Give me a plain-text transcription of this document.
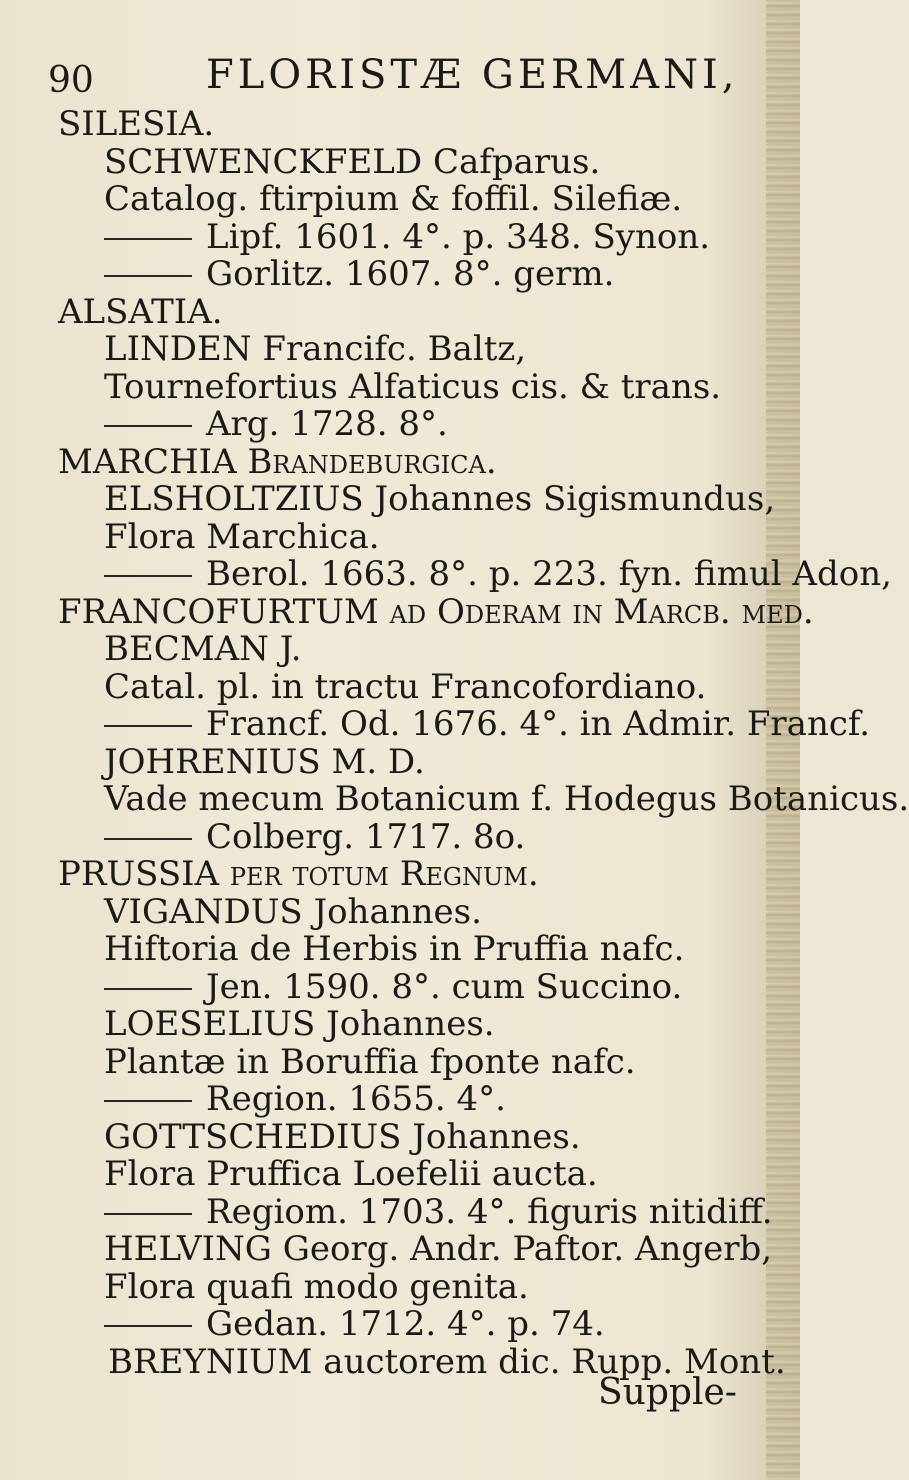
90	FLORISTÆ GERMANI,
SILESIA.
SCHWENCKFELD Cafparus.
Catalog. ftirpium & foffil. Silefiæ.
Lipf. 1601. 4°. p. 348. Synon.
Gorlitz. 1607. 8°. germ.
ALSATIA.
LINDEN Francifc. Baltz,
Tournefortius Alfaticus cis. & trans.
Arg. 1728. 8°.
MARCHIA Brandeburgica.
ELSHOLTZIUS Johannes Sigismundus,
Flora Marchica.
Berol. 1663. 8°. p. 223. fyn. fimul Adon,
FRANCOFURTUM ad Oderam in Marcb. med.
BECMAN J.
Catal. pl. in tractu Francofordiano.
Francf. Od. 1676. 4°. in Admir. Francf.
JOHRENIUS M. D.
Vade mecum Botanicum f. Hodegus Botanicus.
Colberg. 1717. 8o.
PRUSSIA per totum Regnum.
VIGANDUS Johannes.
Hiftoria de Herbis in Pruffia nafc.
Jen. 1590. 8°. cum Succino.
LOESELIUS Johannes.
Plantæ in Boruffia fponte nafc.
Region. 1655. 4°.
GOTTSCHEDIUS Johannes.
Flora Pruffica Loefelii aucta.
Regiom. 1703. 4°. figuris nitidiff.
HELVING Georg. Andr. Paftor. Angerb,
Flora quafi modo genita.
Gedan. 1712. 4°. p. 74.
BREYNIUM auctorem dic. Rupp. Mont.
Supple-
